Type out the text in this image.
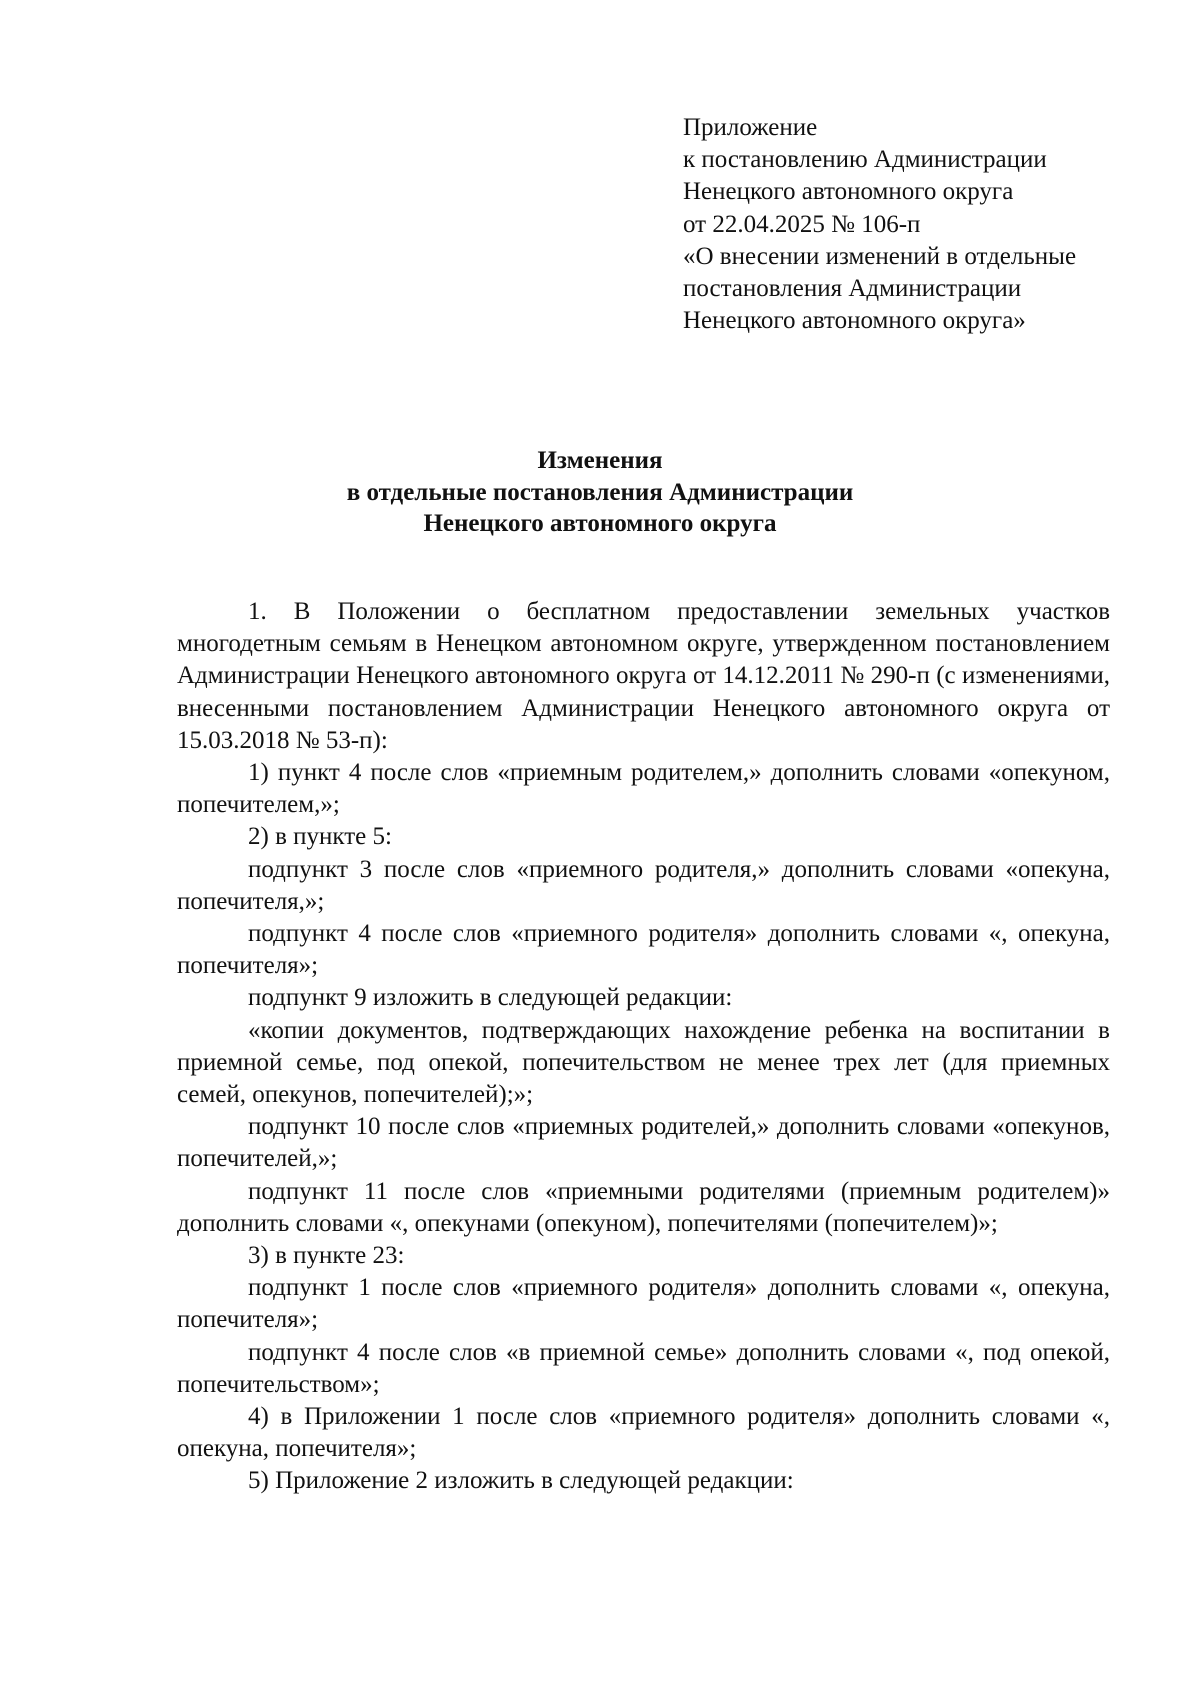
Приложение
к постановлению Администрации
Ненецкого автономного округа
от 22.04.2025 № 106-п
«О внесении изменений в отдельные
постановления Администрации
Ненецкого автономного округа»
Изменения
в отдельные постановления Администрации
Ненецкого автономного округа

1. В Положении о бесплатном предоставлении земельных участков многодетным семьям в Ненецком автономном округе, утвержденном постановлением Администрации Ненецкого автономного округа от 14.12.2011 № 290-п (с изменениями, внесенными постановлением Администрации Ненецкого автономного округа от 15.03.2018 № 53-п):

1) пункт 4 после слов «приемным родителем,» дополнить словами «опекуном, попечителем,»;

2) в пункте 5:

подпункт 3 после слов «приемного родителя,» дополнить словами «опекуна, попечителя,»;

подпункт 4 после слов «приемного родителя» дополнить словами «, опекуна, попечителя»;

подпункт 9 изложить в следующей редакции:

«копии документов, подтверждающих нахождение ребенка на воспитании в приемной семье, под опекой, попечительством не менее трех лет (для приемных семей, опекунов, попечителей);»;

подпункт 10 после слов «приемных родителей,» дополнить словами «опекунов, попечителей,»;

подпункт 11 после слов «приемными родителями (приемным родителем)» дополнить словами «, опекунами (опекуном), попечителями (попечителем)»;

3) в пункте 23:

подпункт 1 после слов «приемного родителя» дополнить словами «, опекуна, попечителя»;

подпункт 4 после слов «в приемной семье» дополнить словами «, под опекой, попечительством»;

4) в Приложении 1 после слов «приемного родителя» дополнить словами «, опекуна, попечителя»;

5) Приложение 2 изложить в следующей редакции:
